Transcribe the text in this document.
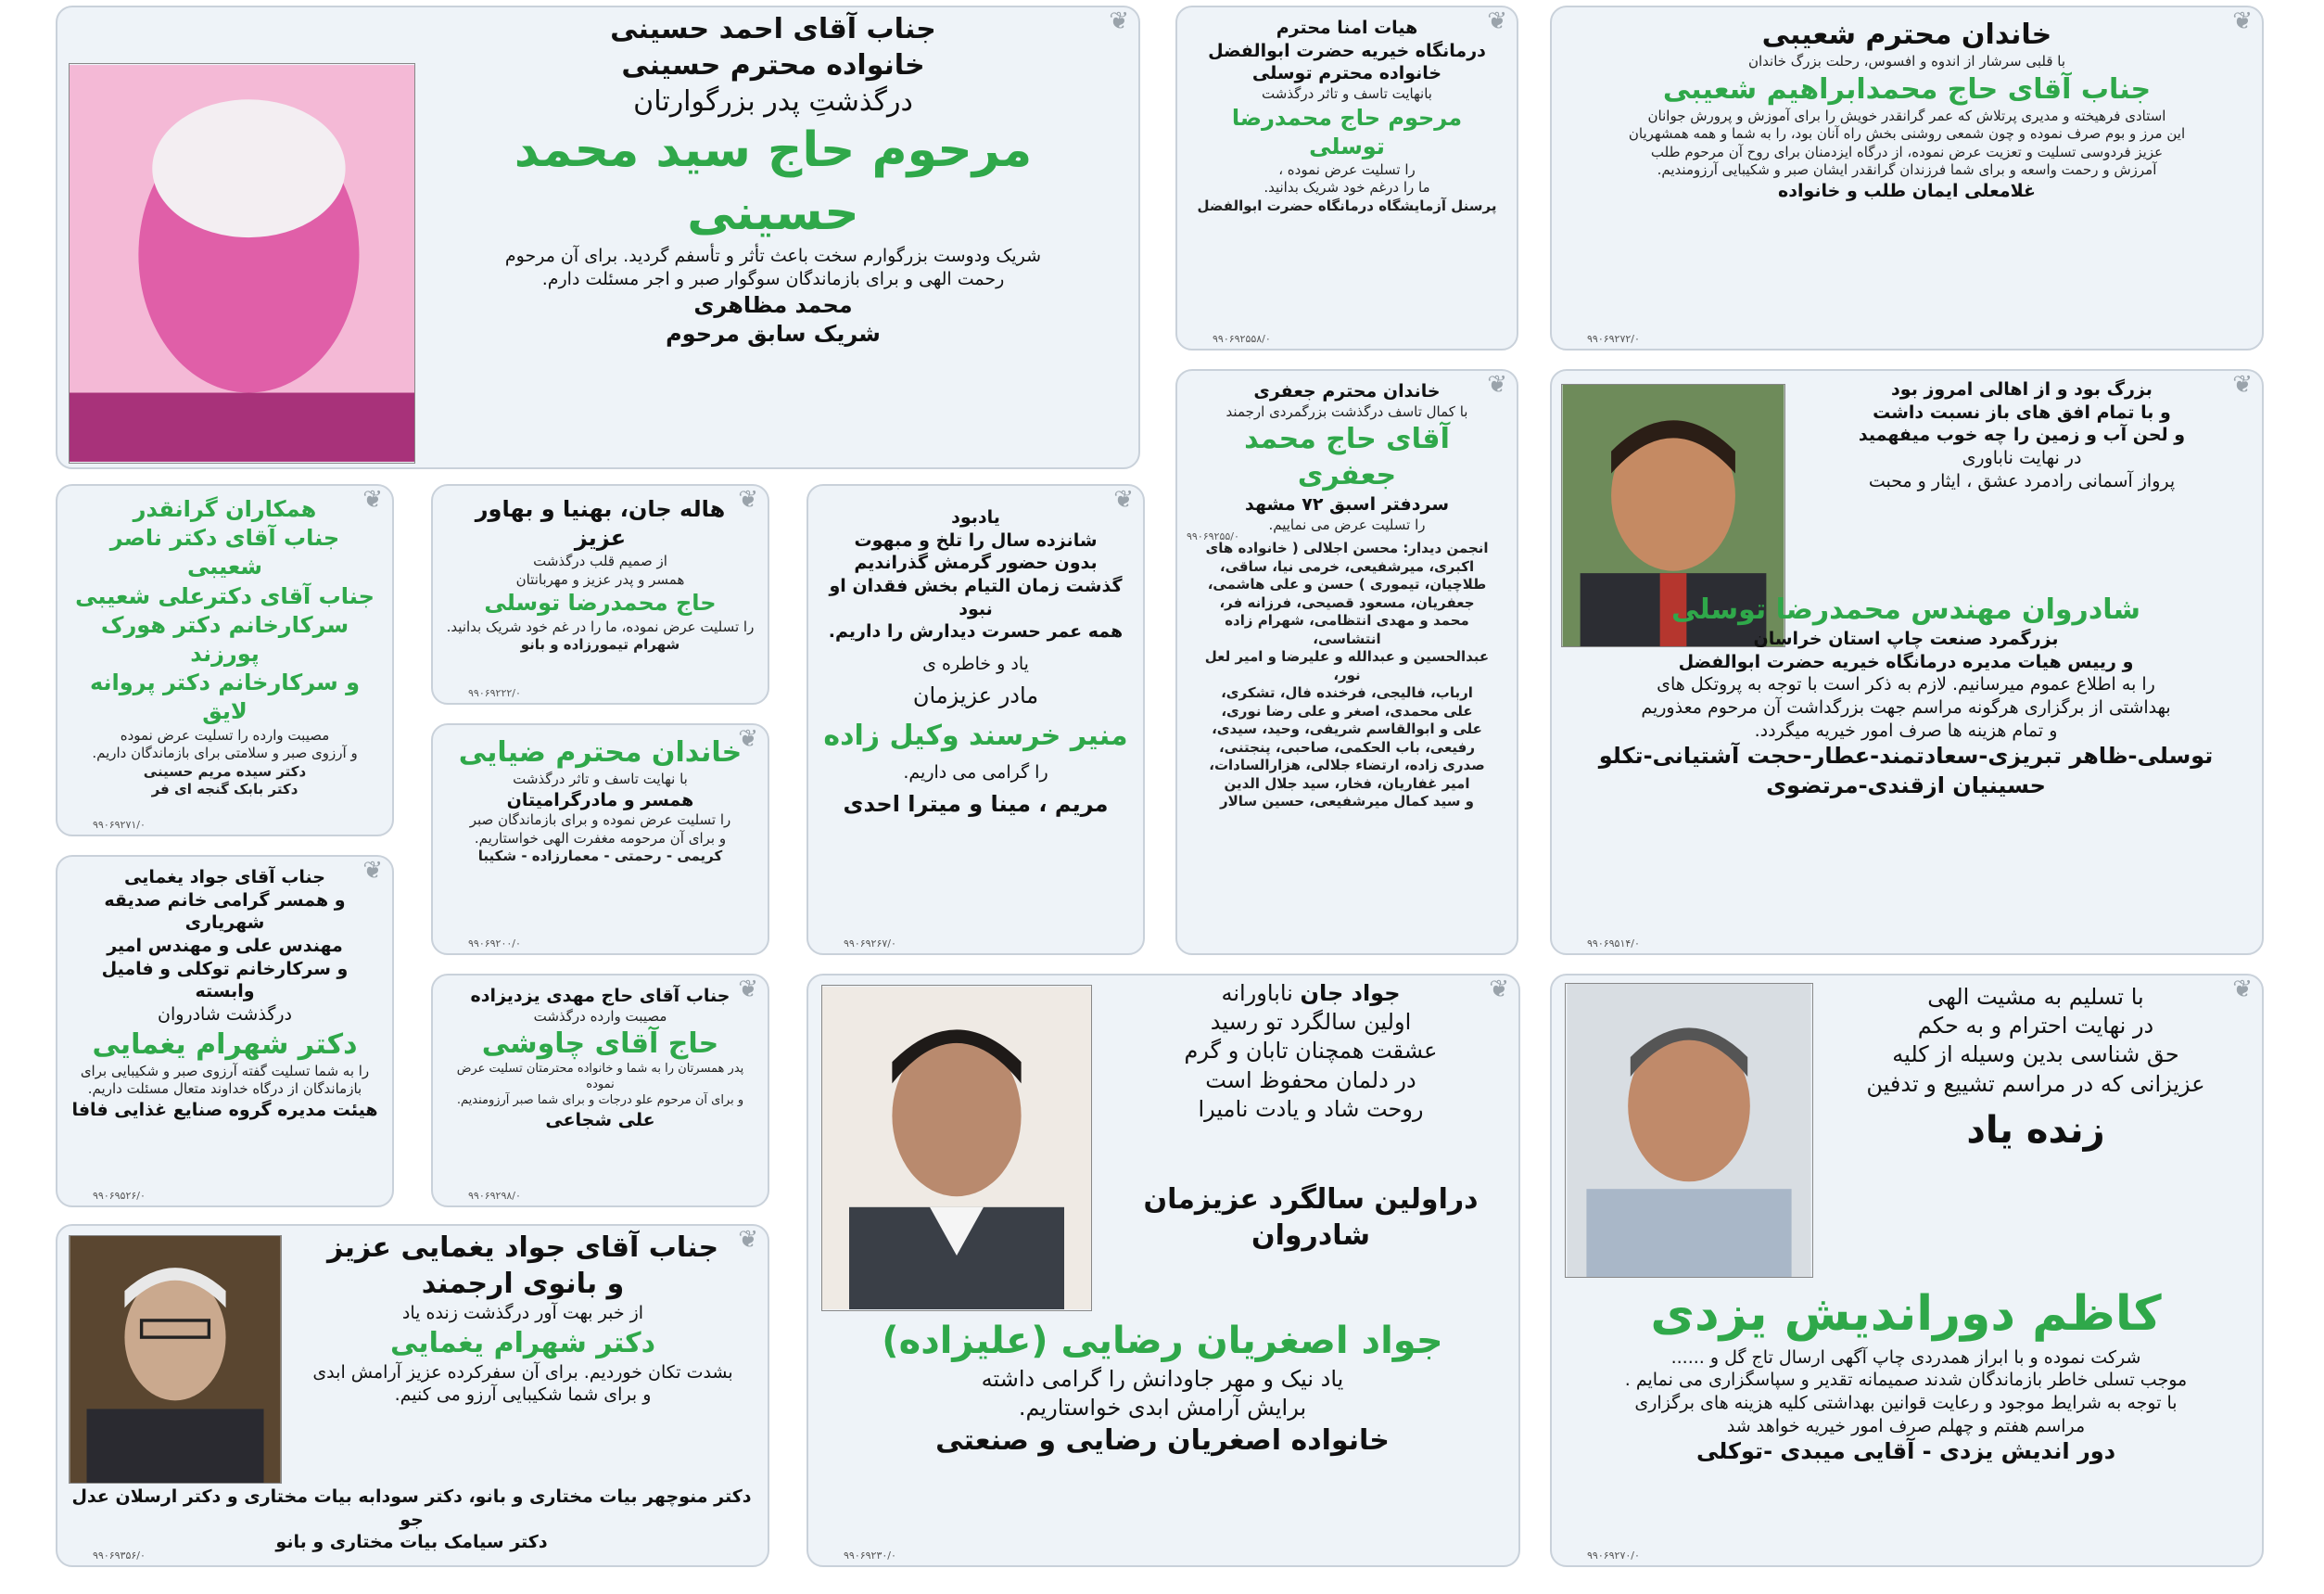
❦
جناب آقای احمد حسینی
خانواده محترم حسینی
درگذشتِ پدر بزرگوارتان
مرحوم حاج سید محمد حسینی
شریک ودوست بزرگوارم سخت باعث تأثر و تأسفم گردید. برای آن مرحوم
رحمت الهی و برای بازماندگان سوگوار صبر و اجر مسئلت دارم.
محمد مظاهری
شریک سابق مرحوم
❦
هیات امنا محترم
درمانگاه خیریه حضرت ابوالفضل
خانواده محترم توسلی
بانهایت تاسف و تاثر درگذشت
مرحوم حاج محمدرضا توسلی
را تسلیت عرض نموده ،
ما را درغم خود شریک بدانید.
پرسنل آزمایشگاه درمانگاه حضرت ابوالفضل
۹۹۰۶۹۲۵۵۸/۰
❦
خاندان محترم شعیبی
با قلبی سرشار از اندوه و افسوس، رحلت بزرگ خاندان
جناب آقای حاج محمدابراهیم شعیبی
استادی فرهیخته و مدیری پرتلاش که عمر گرانقدر خویش را برای آموزش و پرورش جوانان
این مرز و بوم صرف نموده و چون شمعی روشنی بخش راه آنان بود، را به شما و همه همشهریان
عزیز فردوسی تسلیت و تعزیت عرض نموده، از درگاه ایزدمنان برای روح آن مرحوم طلب
آمرزش و رحمت واسعه و برای شما فرزندان گرانقدر ایشان صبر و شکیبایی آرزومندیم.
غلامعلی ایمان طلب و خانواده
۹۹۰۶۹۲۷۲/۰
❦
همکاران گرانقدر
جناب آقای دکتر ناصر شعیبی
جناب آقای دکترعلی شعیبی
سرکارخانم دکتر هورک پورزند
و سرکارخانم دکتر پروانه لایق
مصیبت وارده را تسلیت عرض نموده
و آرزوی صبر و سلامتی برای بازماندگان داریم.
دکتر سیده مریم حسینی
دکتر بابک گنجه ای فر
۹۹۰۶۹۲۷۱/۰
❦
هاله جان، بهنیا و بهاور عزیز
از صمیم قلب درگذشت
همسر و پدر عزیز و مهربانتان
حاج محمدرضا توسلی
را تسلیت عرض نموده، ما را در غم خود شریک بدانید.
شهرام تیمورزاده و بانو
۹۹۰۶۹۲۲۲/۰
❦
یادبود
شانزده سال را تلخ و مبهوت
بدون حضور گرمش گذراندیم
گذشت زمان التیام بخش فقدان او نبود
همه عمر حسرت دیدارش را داریم.
یاد و خاطره ی
مادر عزیزمان
منیر خرسند وکیل زاده
را گرامی می داریم.
مریم ، مینا و میترا احدی
۹۹۰۶۹۲۶۷/۰
❦
خاندان محترم جعفری
با کمال تاسف درگذشت بزرگمردی ارجمند
آقای حاج محمد جعفری
سردفتر اسبق ۷۲ مشهد
را تسلیت عرض می نماییم.
انجمن دیدار: محسن اجلالی ( خانواده های
اکبری، میرشفیعی، خرمی نیا، ساقی،
طلاچیان، تیموری ) حسن و علی هاشمی،
جعفریان، مسعود قصیحی، فرزانه فر،
محمد و مهدی انتظامی، شهرام زاده انتشاسی،
عبدالحسین و عبدالله و علیرضا و امیر لعل نور،
ارباب، فالیجی، فرخنده فال، تشکری،
علی محمدی، اصغر و علی رضا نوری،
علی و ابوالقاسم شریفی، وحید، سیدی،
رفیعی، باب الحکمی، صاحبی، پنجتنی،
صدری زاده، ارتضاء جلالی، هزارالسادات،
امیر غفاریان، فخار، سید جلال الدین
و سید کمال میرشفیعی، حسین سالار
۹۹۰۶۹۲۵۵/۰
❦
بزرگ بود و از اهالی امروز بود
و با تمام افق های باز نسبت داشت
و لحن آب و زمین را چه خوب میفهمید
در نهایت ناباوری
پرواز آسمانی رادمرد عشق ، ایثار و محبت
شادروان مهندس محمدرضا توسلی
بزرگمرد صنعت چاپ استان خراسان
و رییس هیات مدیره درمانگاه خیریه حضرت ابوالفضل
را به اطلاع عموم میرسانیم. لازم به ذکر است با توجه به پروتکل های
بهداشتی از برگزاری هرگونه مراسم جهت بزرگداشت آن مرحوم معذوریم
و تمام هزینه ها صرف امور خیریه میگردد.
توسلی-ظاهر تبریزی-سعادتمند-عطار-حجت آشتیانی-تکلو
حسینیان ازقندی-مرتضوی
۹۹۰۶۹۵۱۴/۰
❦
خاندان محترم ضیایی
با نهایت تاسف و تاثر درگذشت
همسر و مادرگرامیتان
را تسلیت عرض نموده و برای بازماندگان صبر
و برای آن مرحومه مغفرت الهی خواستاریم.
کریمی - رحمتی - معمارزاده - شکیبا
۹۹۰۶۹۲۰۰/۰
❦
جناب آقای جواد یغمایی
و همسر گرامی خانم صدیقه شهریاری
مهندس علی و مهندس امیر
و سرکارخانم توکلی و فامیل وابسته
درگذشت شادروان
دکتر شهرام یغمایی
را به شما تسلیت گفته آرزوی صبر و شکیبایی برای
بازماندگان از درگاه خداوند متعال مسئلت داریم.
هیئت مدیره گروه صنایع غذایی فافا
۹۹۰۶۹۵۲۶/۰
❦
جناب آقای حاج مهدی یزدیزاده
مصیبت وارده درگذشت
حاج آقای چاوشی
پدر همسرتان را به شما و خانواده محترمتان تسلیت عرض نموده
و برای آن مرحوم علو درجات و برای شما صبر آرزومندیم.
علی شجاعی
۹۹۰۶۹۲۹۸/۰
❦
جواد جان ناباورانه
اولین سالگرد تو رسید
عشقت همچنان تابان و گرم
در دلمان محفوظ است
روحت شاد و یادت نامیرا
دراولین سالگرد عزیزمان
شادروان
جواد اصغریان رضایی (علیزاده)
یاد نیک و مهر جاودانش را گرامی داشته
برایش آرامش ابدی خواستاریم.
خانواده اصغریان رضایی و صنعتی
۹۹۰۶۹۲۳۰/۰
❦
با تسلیم به مشیت الهی
در نهایت احترام و به حکم
حق شناسی بدین وسیله از کلیه
عزیزانی که در مراسم تشییع و تدفین
زنده یاد
کاظم دوراندیش یزدی
شرکت نموده و با ابراز همدردی چاپ آگهی ارسال تاج گل و ......
موجب تسلی خاطر بازماندگان شدند صمیمانه تقدیر و سپاسگزاری می نمایم .
با توجه به شرایط موجود و رعایت قوانین بهداشتی کلیه هزینه های برگزاری
مراسم هفتم و چهلم صرف امور خیریه خواهد شد
دور اندیش یزدی - آقایی میبدی -توکلی
۹۹۰۶۹۲۷۰/۰
❦
جناب آقای جواد یغمایی عزیز
و بانوی ارجمند
از خبر بهت آور درگذشت زنده یاد
دکتر شهرام یغمایی
بشدت تکان خوردیم. برای آن سفرکرده عزیز آرامش ابدی
و برای شما شکیبایی آرزو می کنیم.
دکتر منوچهر بیات مختاری و بانو، دکتر سودابه بیات مختاری و دکتر ارسلان عدل جو
دکتر سیامک بیات مختاری و بانو
۹۹۰۶۹۳۵۶/۰
